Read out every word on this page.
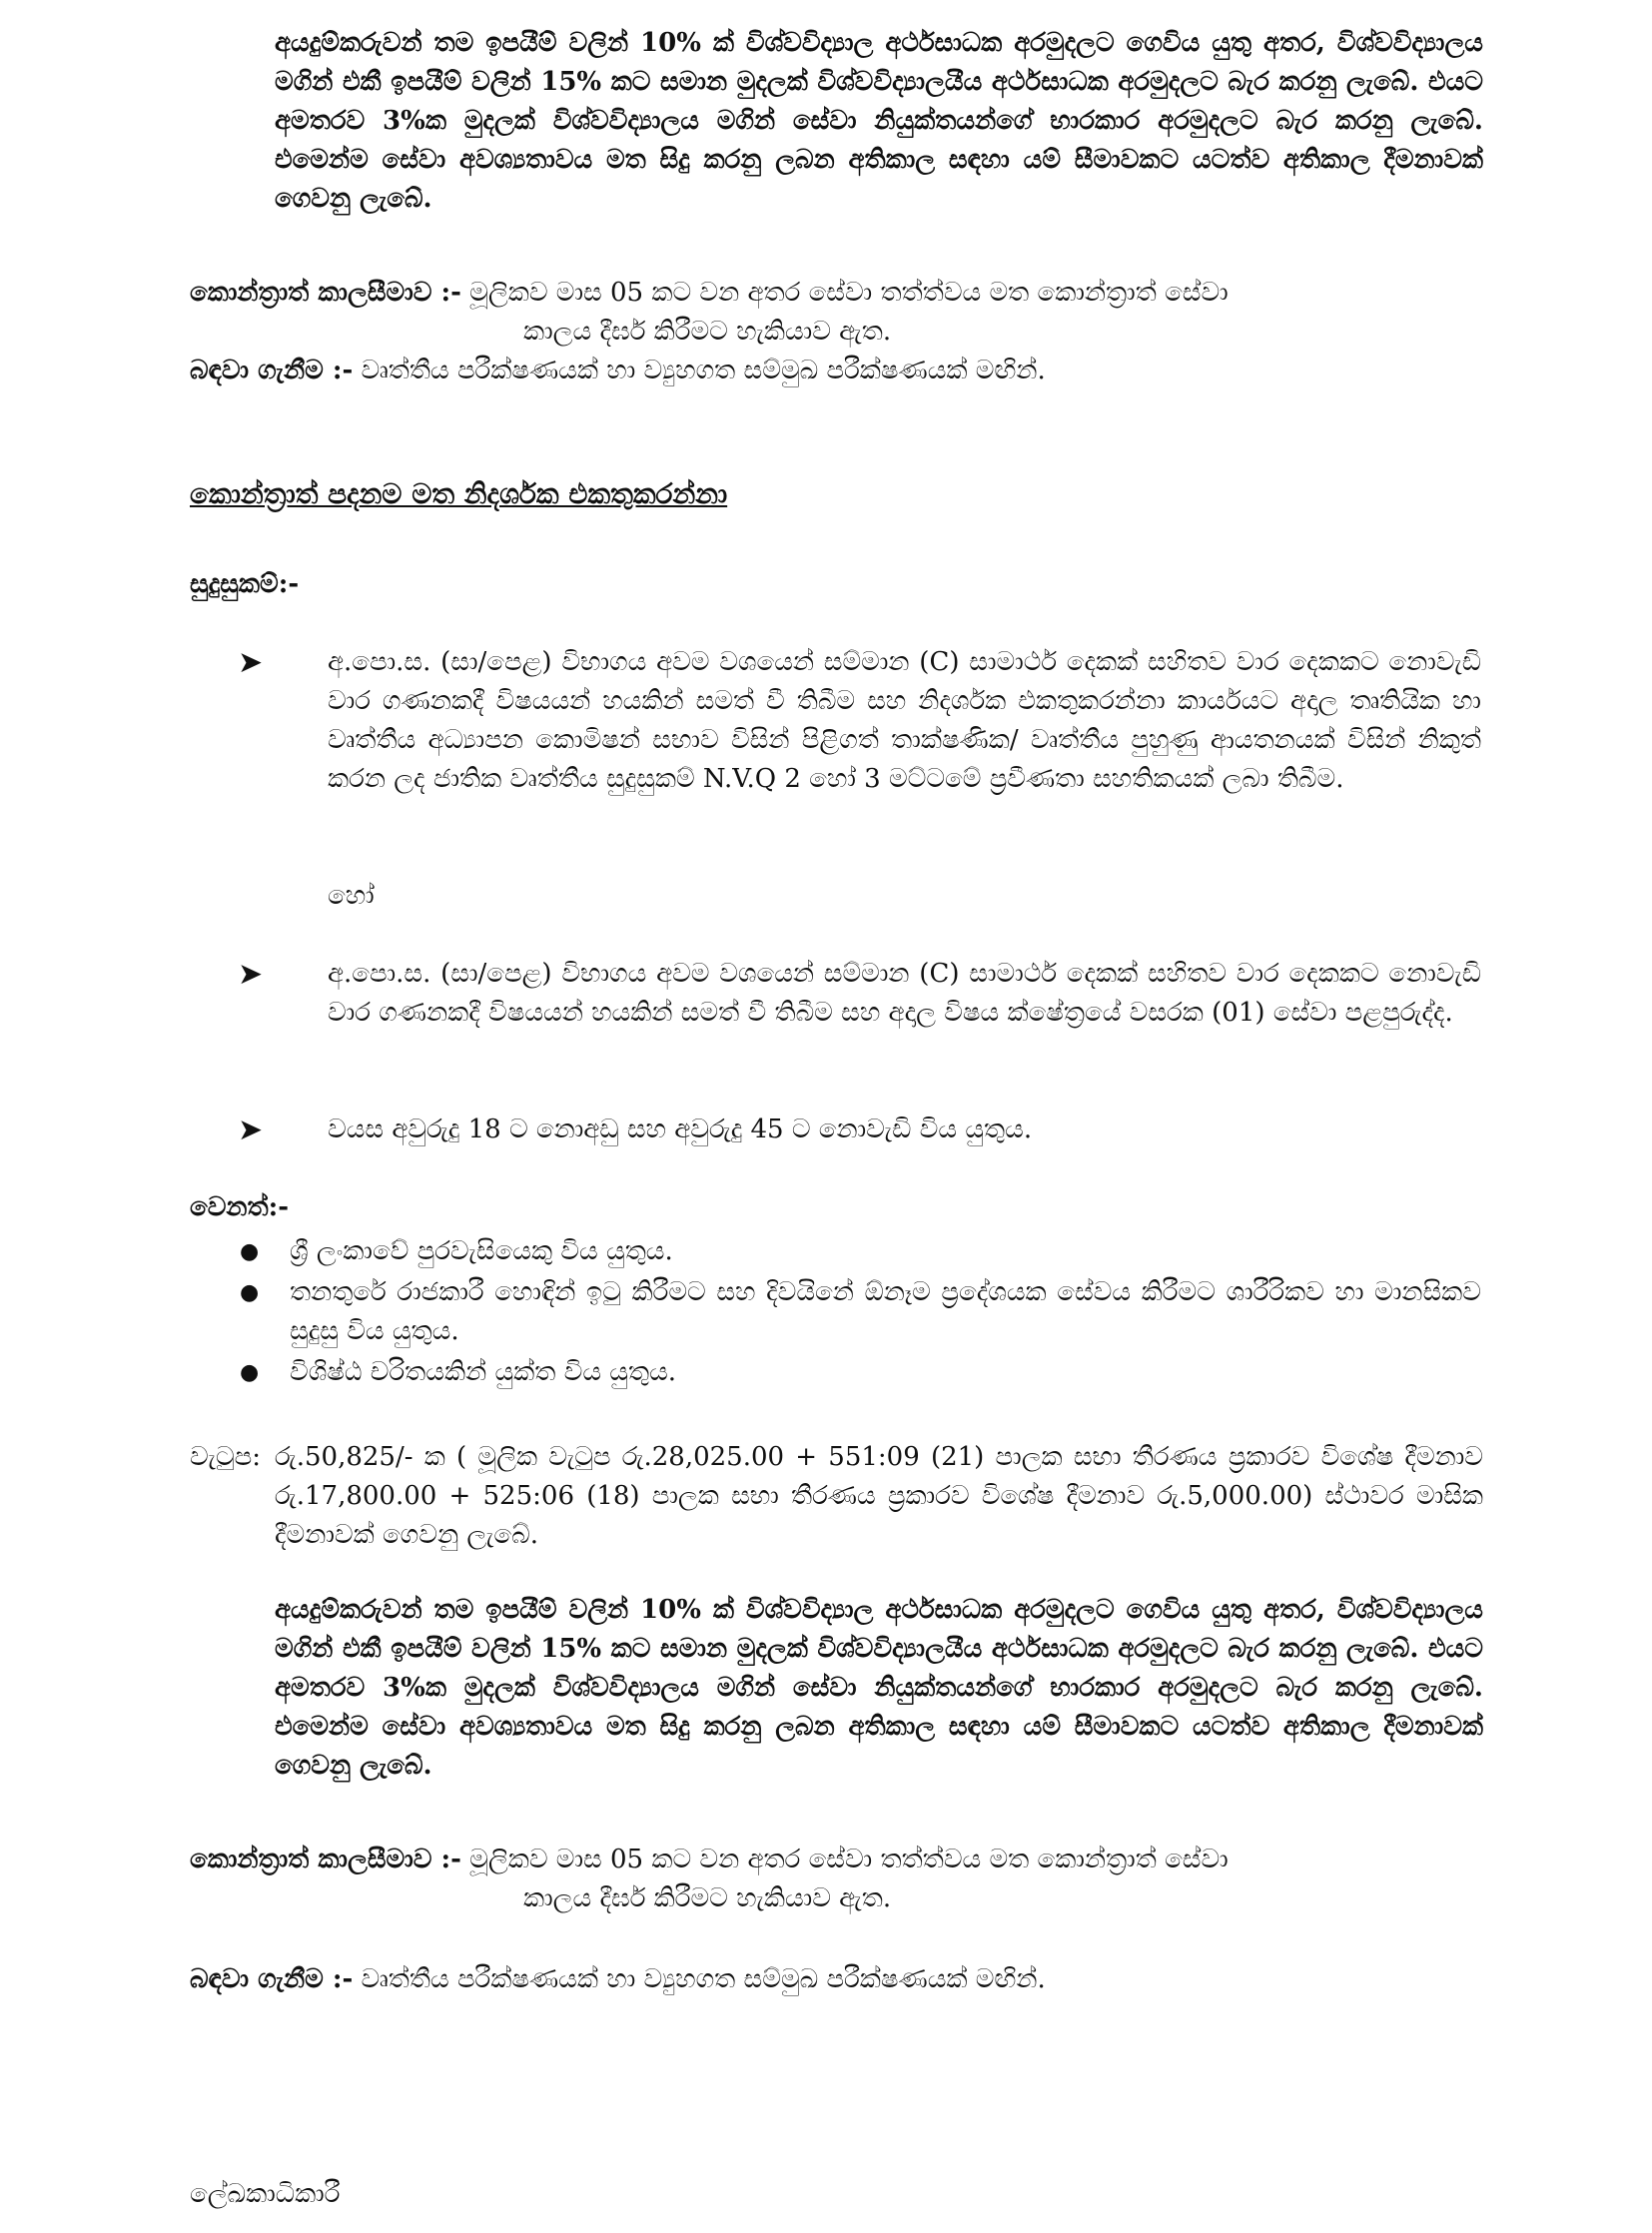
අයදුම්කරුවන් තම ඉපයීම් වලින් 10% ක් විශ්වවිද්‍යාල අර්ථසාධක අරමුදලට ගෙවිය යුතු අතර, විශ්වවිද්‍යාලය මගින් එකී ඉපයීම් වලින් 15% කට සමාන මුදලක් විශ්වවිද්‍යාලයීය අර්ථසාධක අරමුදලට බැර කරනු ලැබේ. එයට අමතරව 3%ක මුදලක් විශ්වවිද්‍යාලය මගින් සේවා නියුක්තයන්ගේ භාරකාර අරමුදලට බැර කරනු ලැබේ. එමෙන්ම සේවා අවශ්‍යතාවය මත සිදු කරනු ලබන අතිකාල සඳහා යම් සීමාවකට යටත්ව අතිකාල දීමනාවක් ගෙවනු ලැබේ.
කොන්ත්‍රාත් කාලසීමාව :- මූලිකව මාස 05 කට වන අතර සේවා තත්ත්වය මත කොන්ත්‍රාත් සේවා
කාලය දීර්ඝ කිරීමට හැකියාව ඇත.
බඳවා ගැනීම :- වෘත්තීය පරීක්ෂණයක් හා ව්‍යුහගත සම්මුඛ පරීක්ෂණයක් මඟින්.
කොන්ත්‍රාත් පදනම මත නිදර්ශක එකතුකරන්නා
සුදුසුකම්:-
➤ අ.පො.ස. (සා/පෙළ) විභාගය අවම වශයෙන් සම්මාන (C) සාමාර්ථ දෙකක් සහිතව වාර දෙකකට නොවැඩි වාර ගණනකදී විෂයයන් හයකින් සමත් වී තිබීම සහ නිදර්ශක එකතුකරන්නා කාර්යයට අදාල තෘතියික හා වෘත්තීය අධ්‍යාපන කොමිෂන් සභාව විසින් පිළිගත් තාක්ෂණික/ වෘත්තීය පුහුණු ආයතනයක් විසින් නිකුත් කරන ලද ජාතික වෘත්තීය සුදුසුකම් N.V.Q 2 හෝ 3 මට්ටමේ ප්‍රවීණතා සහතිකයක් ලබා තිබීම.
හෝ
➤ අ.පො.ස. (සා/පෙළ) විභාගය අවම වශයෙන් සම්මාන (C) සාමාර්ථ දෙකක් සහිතව වාර දෙකකට නොවැඩි වාර ගණනකදී විෂයයන් හයකින් සමත් වී තිබීම සහ අදාල විෂය ක්ෂේත්‍රයේ වසරක (01) සේවා පළපුරුද්ද.
➤ වයස අවුරුදු 18 ට නොඅඩු සහ අවුරුදු 45 ට නොවැඩි විය යුතුය.
වෙනත්:-
● ශ්‍රී ලංකාවේ පුරවැසියෙකු විය යුතුය.
● තනතුරේ රාජකාරී හොඳින් ඉටු කිරීමට සහ දිවයිනේ ඕනෑම ප්‍රදේශයක සේවය කිරීමට ශාරීරිකව හා මානසිකව සුදුසු විය යුතුය.
● විශිෂ්ඨ චරිතයකින් යුක්ත විය යුතුය.
වැටුප: රු.50,825/- ක ( මූලික වැටුප රු.28,025.00 + 551:09 (21) පාලක සභා තීරණය ප්‍රකාරව විශේෂ දීමනාව රු.17,800.00 + 525:06 (18) පාලක සභා තීරණය ප්‍රකාරව විශේෂ දීමනාව රු.5,000.00) ස්ථාවර මාසික දීමනාවක් ගෙවනු ලැබේ.
අයදුම්කරුවන් තම ඉපයීම් වලින් 10% ක් විශ්වවිද්‍යාල අර්ථසාධක අරමුදලට ගෙවිය යුතු අතර, විශ්වවිද්‍යාලය මගින් එකී ඉපයීම් වලින් 15% කට සමාන මුදලක් විශ්වවිද්‍යාලයීය අර්ථසාධක අරමුදලට බැර කරනු ලැබේ. එයට අමතරව 3%ක මුදලක් විශ්වවිද්‍යාලය මගින් සේවා නියුක්තයන්ගේ භාරකාර අරමුදලට බැර කරනු ලැබේ. එමෙන්ම සේවා අවශ්‍යතාවය මත සිදු කරනු ලබන අතිකාල සඳහා යම් සීමාවකට යටත්ව අතිකාල දීමනාවක් ගෙවනු ලැබේ.
කොන්ත්‍රාත් කාලසීමාව :- මූලිකව මාස 05 කට වන අතර සේවා තත්ත්වය මත කොන්ත්‍රාත් සේවා
කාලය දීර්ඝ කිරීමට හැකියාව ඇත.
බඳවා ගැනීම :- වෘත්තීය පරීක්ෂණයක් හා ව්‍යුහගත සම්මුඛ පරීක්ෂණයක් මඟින්.
ලේඛකාධිකාරී
